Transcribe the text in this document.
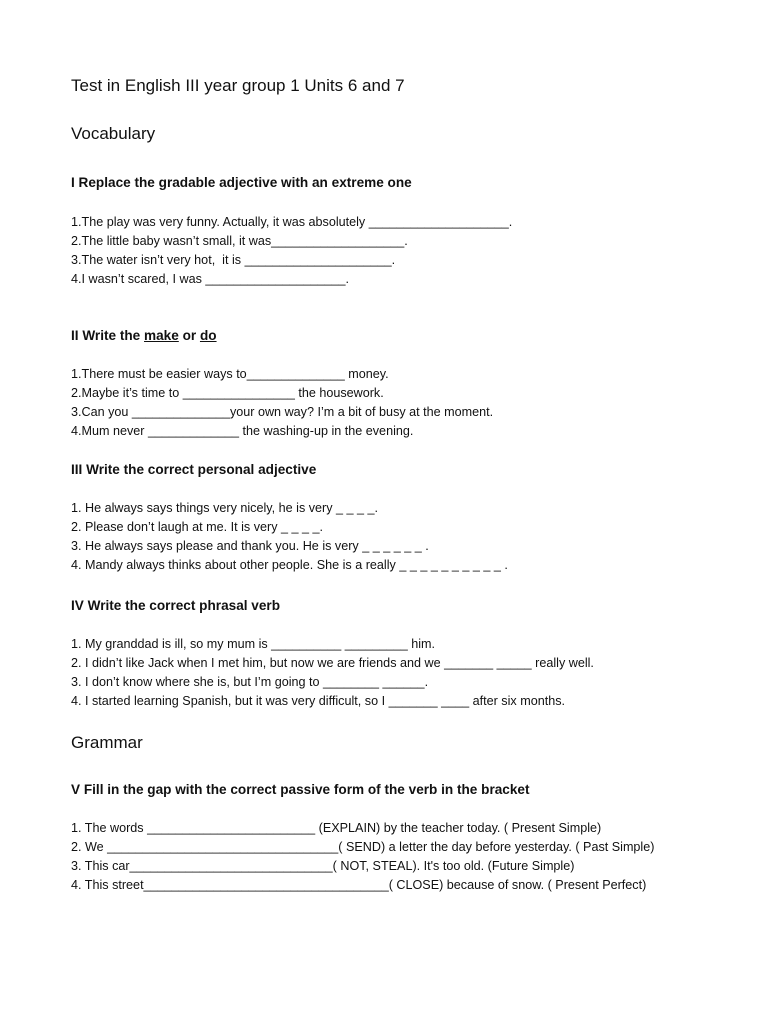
Test in English III year group 1 Units 6 and 7
Vocabulary
I Replace the gradable adjective with an extreme one
1.The play was very funny. Actually, it was absolutely ____________________.
2.The little baby wasn’t small, it was___________________.
3.The water isn’t very hot,  it is _____________________.
4.I wasn’t scared, I was ____________________.
II Write the make or do
1.There must be easier ways to______________ money.
2.Maybe it’s time to ________________ the housework.
3.Can you ______________your own way? I’m a bit of busy at the moment.
4.Mum never _____________ the washing-up in the evening.
III Write the correct personal adjective
1. He always says things very nicely, he is very _ _ _ _.
2. Please don’t laugh at me. It is very _ _ _ _.
3. He always says please and thank you. He is very _ _ _ _ _ _ .
4. Mandy always thinks about other people. She is a really _ _ _ _ _ _ _ _ _ _ .
IV Write the correct phrasal verb
1. My granddad is ill, so my mum is __________ _________ him.
2. I didn’t like Jack when I met him, but now we are friends and we _______ _____ really well.
3. I don’t know where she is, but I’m going to ________ ______.
4. I started learning Spanish, but it was very difficult, so I _______ ____ after six months.
Grammar
V Fill in the gap with the correct passive form of the verb in the bracket
1. The words ________________________ (EXPLAIN) by the teacher today. ( Present Simple)
2. We _________________________________( SEND) a letter the day before yesterday. ( Past Simple)
3. This car_____________________________( NOT, STEAL). It's too old. (Future Simple)
4. This street___________________________________( CLOSE) because of snow. ( Present Perfect)
